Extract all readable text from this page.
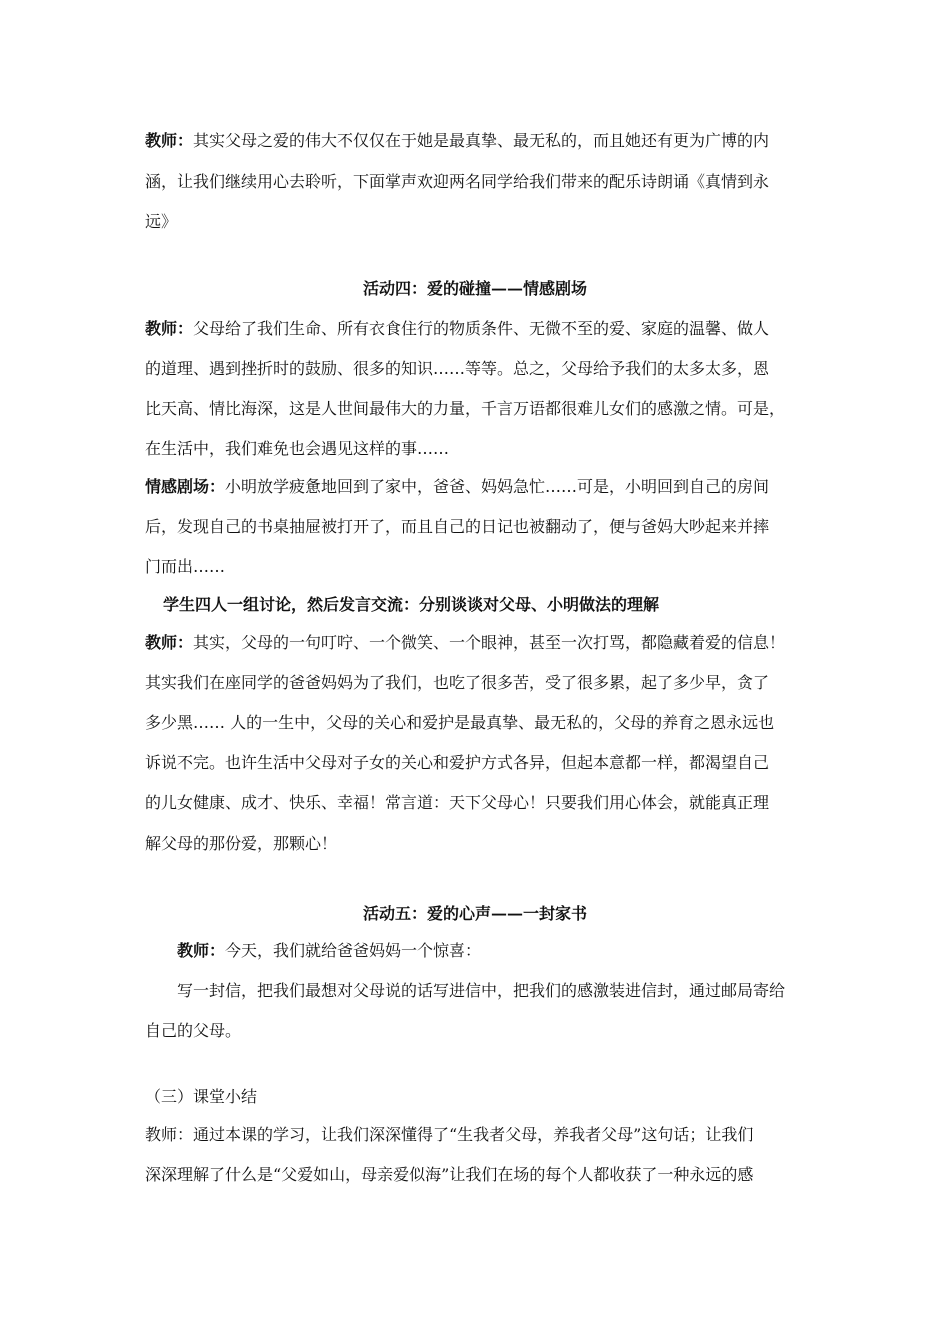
教师：其实父母之爱的伟大不仅仅在于她是最真挚、最无私的，而且她还有更为广博的内
涵，让我们继续用心去聆听，下面掌声欢迎两名同学给我们带来的配乐诗朗诵《真情到永
远》
活动四：爱的碰撞——情感剧场
教师：父母给了我们生命、所有衣食住行的物质条件、无微不至的爱、家庭的温馨、做人
的道理、遇到挫折时的鼓励、很多的知识……等等。总之，父母给予我们的太多太多，恩
比天高、情比海深，这是人世间最伟大的力量，千言万语都很难儿女们的感激之情。可是，
在生活中，我们难免也会遇见这样的事……
情感剧场：小明放学疲惫地回到了家中，爸爸、妈妈急忙……可是，小明回到自己的房间
后，发现自己的书桌抽屉被打开了，而且自己的日记也被翻动了，便与爸妈大吵起来并摔
门而出……
学生四人一组讨论，然后发言交流：分别谈谈对父母、小明做法的理解
教师：其实，父母的一句叮咛、一个微笑、一个眼神，甚至一次打骂，都隐藏着爱的信息！
其实我们在座同学的爸爸妈妈为了我们，也吃了很多苦，受了很多累，起了多少早，贪了
多少黑…… 人的一生中，父母的关心和爱护是最真挚、最无私的，父母的养育之恩永远也
诉说不完。也许生活中父母对子女的关心和爱护方式各异，但起本意都一样，都渴望自己
的儿女健康、成才、快乐、幸福！常言道：天下父母心！只要我们用心体会，就能真正理
解父母的那份爱，那颗心！
活动五：爱的心声——一封家书
教师：今天，我们就给爸爸妈妈一个惊喜：
写一封信，把我们最想对父母说的话写进信中，把我们的感激装进信封，通过邮局寄给
自己的父母。
（三）课堂小结
教师：通过本课的学习，让我们深深懂得了“生我者父母，养我者父母”这句话；让我们
深深理解了什么是“父爱如山，母亲爱似海”让我们在场的每个人都收获了一种永远的感
